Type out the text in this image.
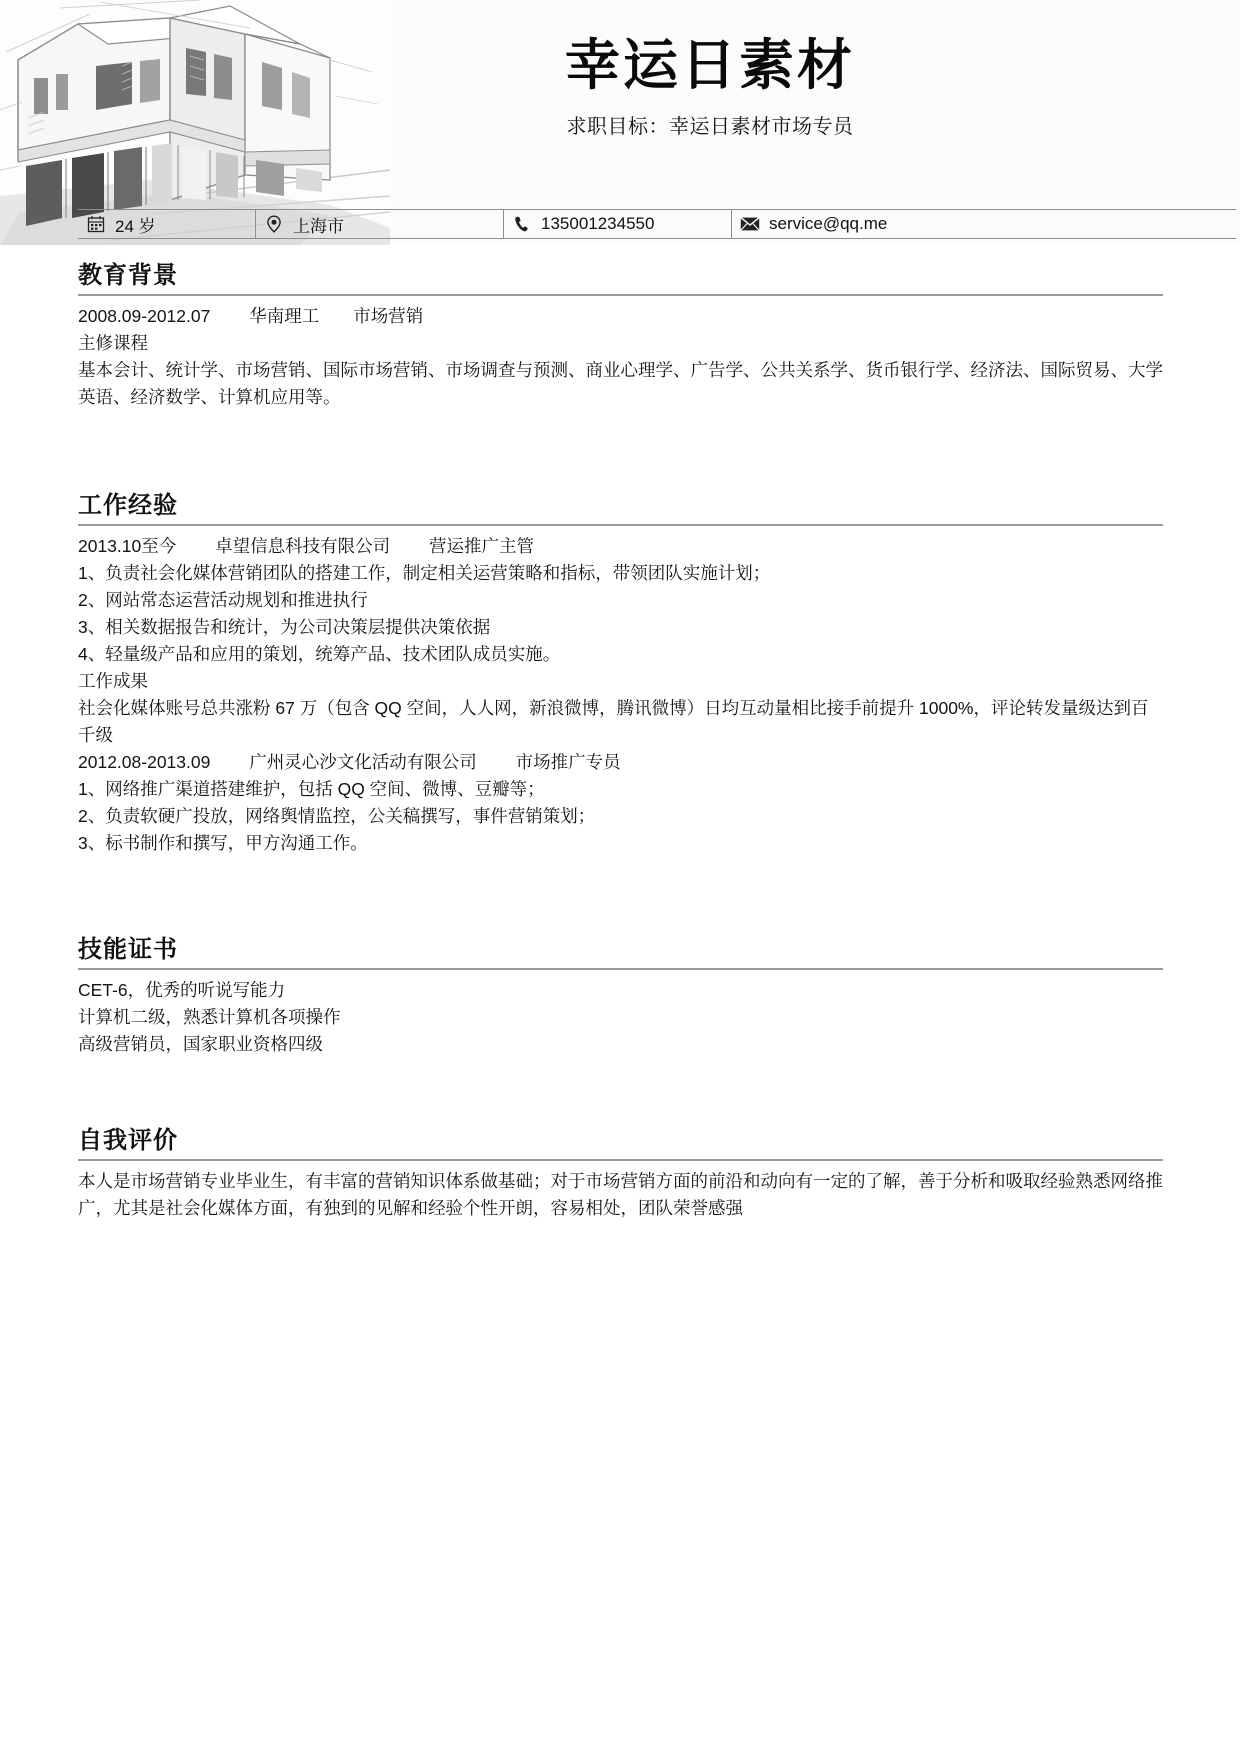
幸运日素材
求职目标：幸运日素材市场专员
24 岁	上海市	135001234550	service@qq.me
教育背景
2008.09-2012.07        华南理工       市场营销
主修课程
基本会计、统计学、市场营销、国际市场营销、市场调查与预测、商业心理学、广告学、公共关系学、货币银行学、经济法、国际贸易、大学英语、经济数学、计算机应用等。
工作经验
2013.10至今        卓望信息科技有限公司        营运推广主管
1、负责社会化媒体营销团队的搭建工作，制定相关运营策略和指标，带领团队实施计划；
2、网站常态运营活动规划和推进执行
3、相关数据报告和统计，为公司决策层提供决策依据
4、轻量级产品和应用的策划，统筹产品、技术团队成员实施。
工作成果
社会化媒体账号总共涨粉 67 万（包含 QQ 空间，人人网，新浪微博，腾讯微博）日均互动量相比接手前提升 1000%，评论转发量级达到百千级
2012.08-2013.09        广州灵心沙文化活动有限公司        市场推广专员
1、网络推广渠道搭建维护，包括 QQ 空间、微博、豆瓣等；
2、负责软硬广投放，网络舆情监控，公关稿撰写，事件营销策划；
3、标书制作和撰写，甲方沟通工作。
技能证书
CET-6，优秀的听说写能力
计算机二级，熟悉计算机各项操作
高级营销员，国家职业资格四级
自我评价
本人是市场营销专业毕业生，有丰富的营销知识体系做基础；对于市场营销方面的前沿和动向有一定的了解，善于分析和吸取经验熟悉网络推广，尤其是社会化媒体方面，有独到的见解和经验个性开朗，容易相处，团队荣誉感强
